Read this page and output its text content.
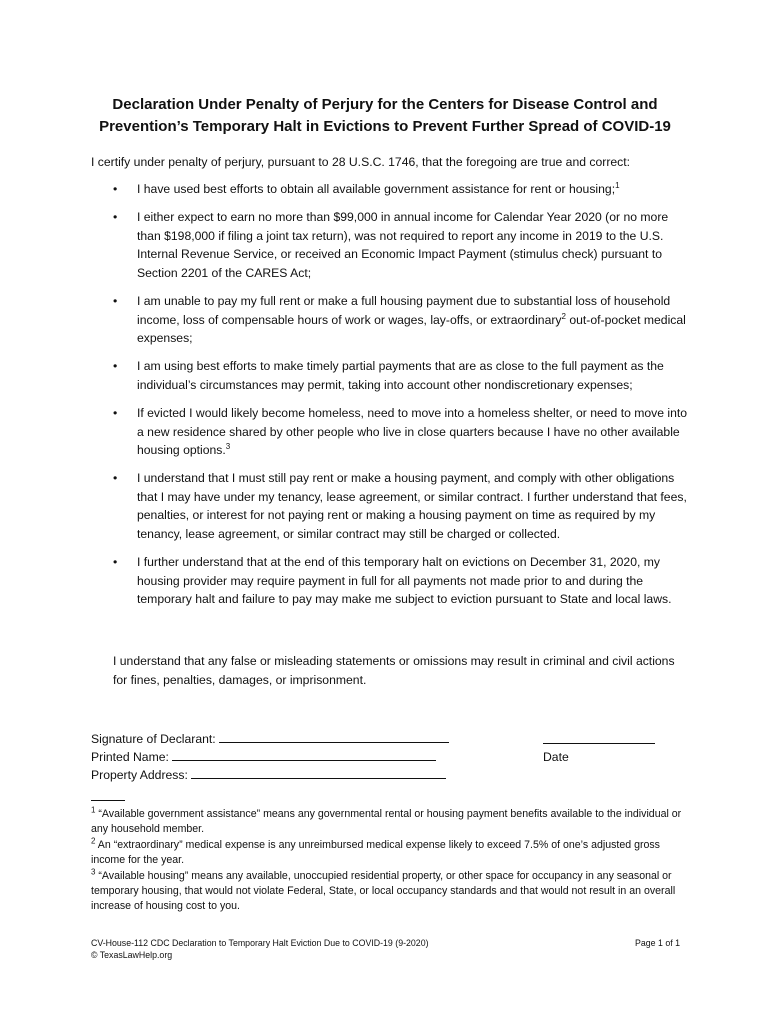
Declaration Under Penalty of Perjury for the Centers for Disease Control and
Prevention’s Temporary Halt in Evictions to Prevent Further Spread of COVID-19
I certify under penalty of perjury, pursuant to 28 U.S.C. 1746, that the foregoing are true and correct:
• I have used best efforts to obtain all available government assistance for rent or housing;$^1$
• I either expect to earn no more than $99,000 in annual income for Calendar Year 2020 (or no more than $198,000 if filing a joint tax return), was not required to report any income in 2019 to the U.S. Internal Revenue Service, or received an Economic Impact Payment (stimulus check) pursuant to Section 2201 of the CARES Act;
• I am unable to pay my full rent or make a full housing payment due to substantial loss of household income, loss of compensable hours of work or wages, lay-offs, or extraordinary$^2$ out-of-pocket medical expenses;
• I am using best efforts to make timely partial payments that are as close to the full payment as the individual’s circumstances may permit, taking into account other nondiscretionary expenses;
• If evicted I would likely become homeless, need to move into a homeless shelter, or need to move into a new residence shared by other people who live in close quarters because I have no other available housing options.$^3$
• I understand that I must still pay rent or make a housing payment, and comply with other obligations that I may have under my tenancy, lease agreement, or similar contract. I further understand that fees, penalties, or interest for not paying rent or making a housing payment on time as required by my tenancy, lease agreement, or similar contract may still be charged or collected.
• I further understand that at the end of this temporary halt on evictions on December 31, 2020, my housing provider may require payment in full for all payments not made prior to and during the temporary halt and failure to pay may make me subject to eviction pursuant to State and local laws.
I understand that any false or misleading statements or omissions may result in criminal and civil actions for fines, penalties, damages, or imprisonment.
Signature of Declarant:
Printed Name:
Property Address:
Date

$^1$ “Available government assistance” means any governmental rental or housing payment benefits available to the individual or any household member.

$^2$ An “extraordinary” medical expense is any unreimbursed medical expense likely to exceed 7.5% of one’s adjusted gross income for the year.

$^3$ “Available housing” means any available, unoccupied residential property, or other space for occupancy in any seasonal or temporary housing, that would not violate Federal, State, or local occupancy standards and that would not result in an overall increase of housing cost to you.

CV-House-112 CDC Declaration to Temporary Halt Eviction Due to COVID-19 (9-2020)
© TexasLawHelp.org
Page 1 of 1
